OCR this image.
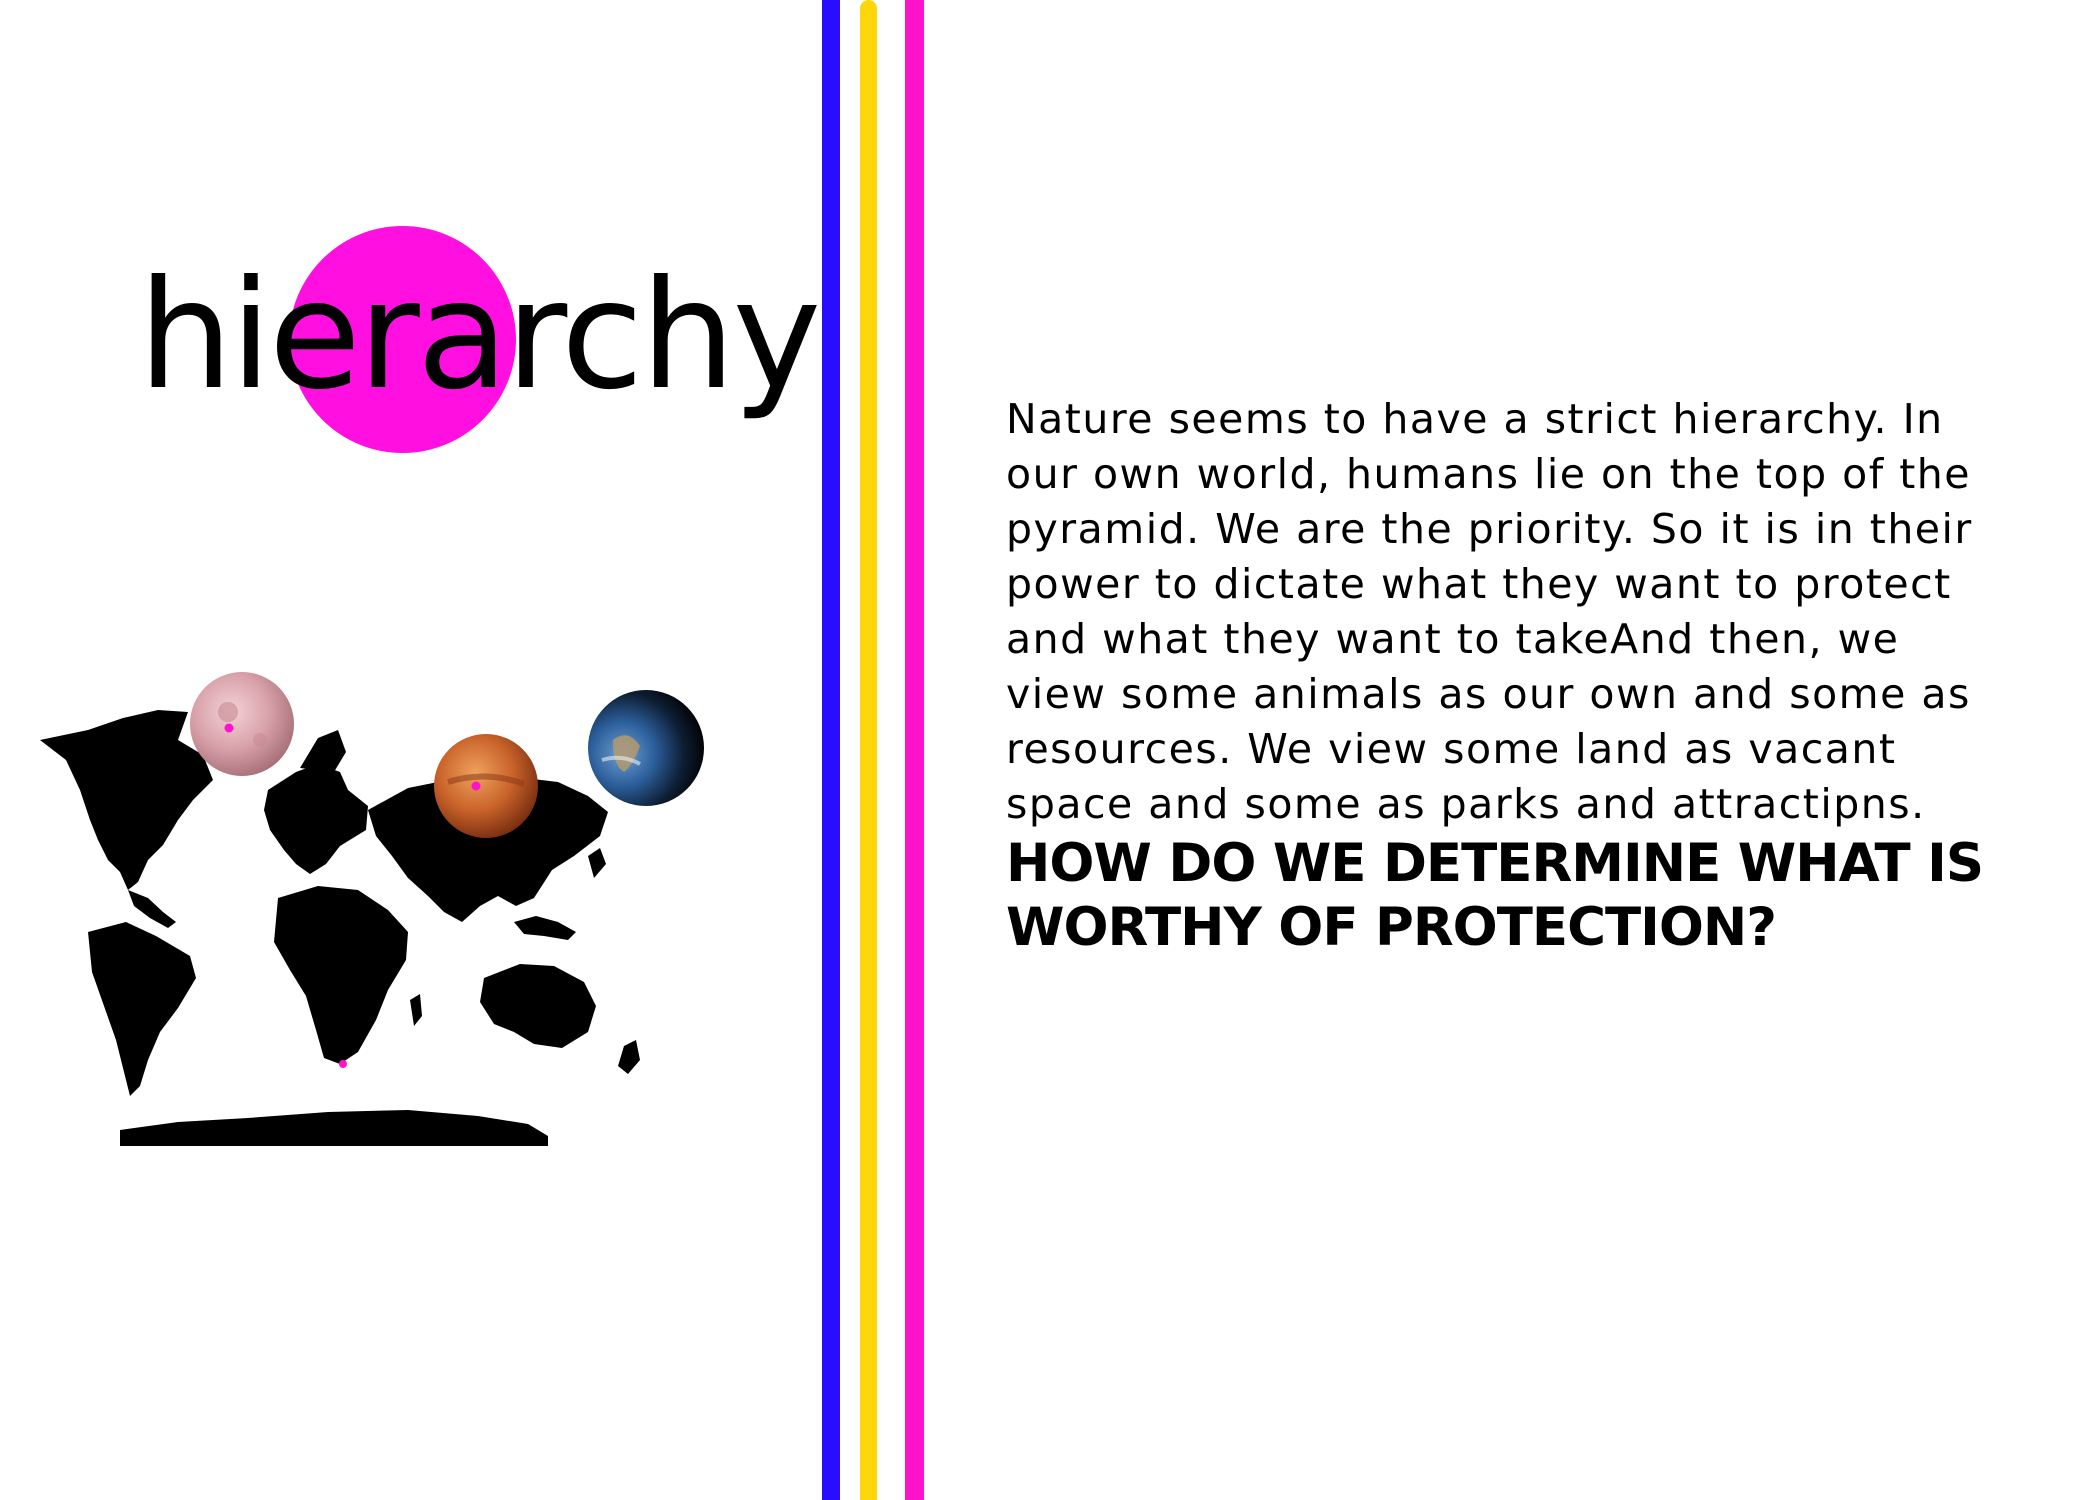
hierarchy	Nature seems to have a strict hierarchy. In our own world, humans lie on the top of the pyramid. We are the priority. So it is in their power to dictate what they want to protect and what they want to takeAnd then, we view some animals as our own and some as resources. We view some land as vacant space and some as parks and attractipns. HOW DO WE DETERMINE WHAT IS WORTHY OF PROTECTION?
